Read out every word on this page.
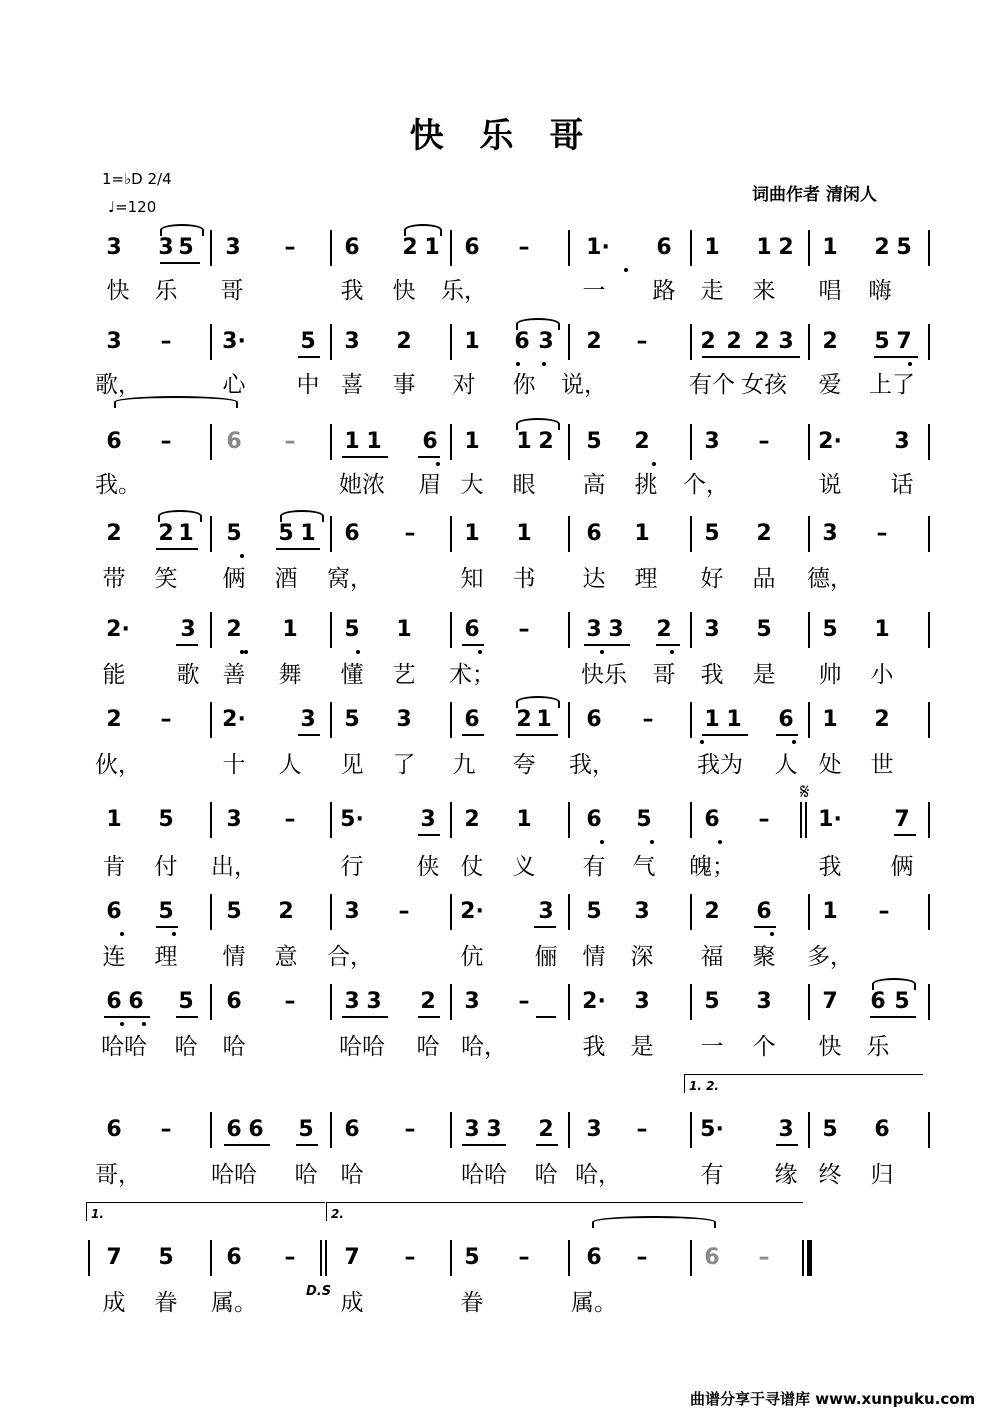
快 乐 哥
1=♭D 2/4
♩=120
词曲作者 清闲人
𝄋
D.S
曲谱分享于寻谱库 www.xunpuku.com
1. 2.
1.	2.
3 3 5 3	–	6 2 1 6	–	1· 6 1 1 2 1 2 5
快 乐 哥	我 快 乐，	一 路 走 来 唱 嗨
3	–	3· 5 3 2 1 6 3 2	–	2 2 2 3 2 5 7
歌，	心 中 喜 事 对 你 说，	有个 女孩 爱 上了
6	–	6	–	1 1 6 1 1 2 5 2 3	–	2· 3
我。	她浓 眉 大 眼 高 挑 个，	说 话
2 2 1 5 5 1 6	–	1 1 6 1 5 2 3	–
带 笑 俩 酒 窝，	知 书 达 理 好 品 德，
2· 3 2 1 5 1 6	–	3 3 2 3 5 5 1
能 歌 善 舞 懂 艺 术；	快乐 哥 我 是 帅 小
2	–	2· 3 5 3 6 2 1 6	–	1 1 6 1 2
伙，	十 人 见 了 九 夸 我，	我为 人 处 世
1 5 3	–	5·	3 2 1 6 5 6	–	1· 7
肯 付 出，	行 侠 仗 义 有 气 魄；	我 俩
6 5 5 2 3	–	2· 3 5 3 2 6 1	–
连 理 情 意 合，	伉 俪 情 深 福 聚 多，
6 6 5 6	–	3 3 2 3	–	2· 3 5 3 7 6 5
哈哈 哈 哈	哈哈 哈 哈，	我 是 一 个 快 乐
6	–	6 6 5 6	–	3 3 2 3	–	5· 3 5 6
哥，	哈哈 哈 哈	哈哈 哈 哈，	有 缘 终 归
7 5 6	–	7	–	5	–	6	–	6	–
成 眷 属。	成	眷	属。
